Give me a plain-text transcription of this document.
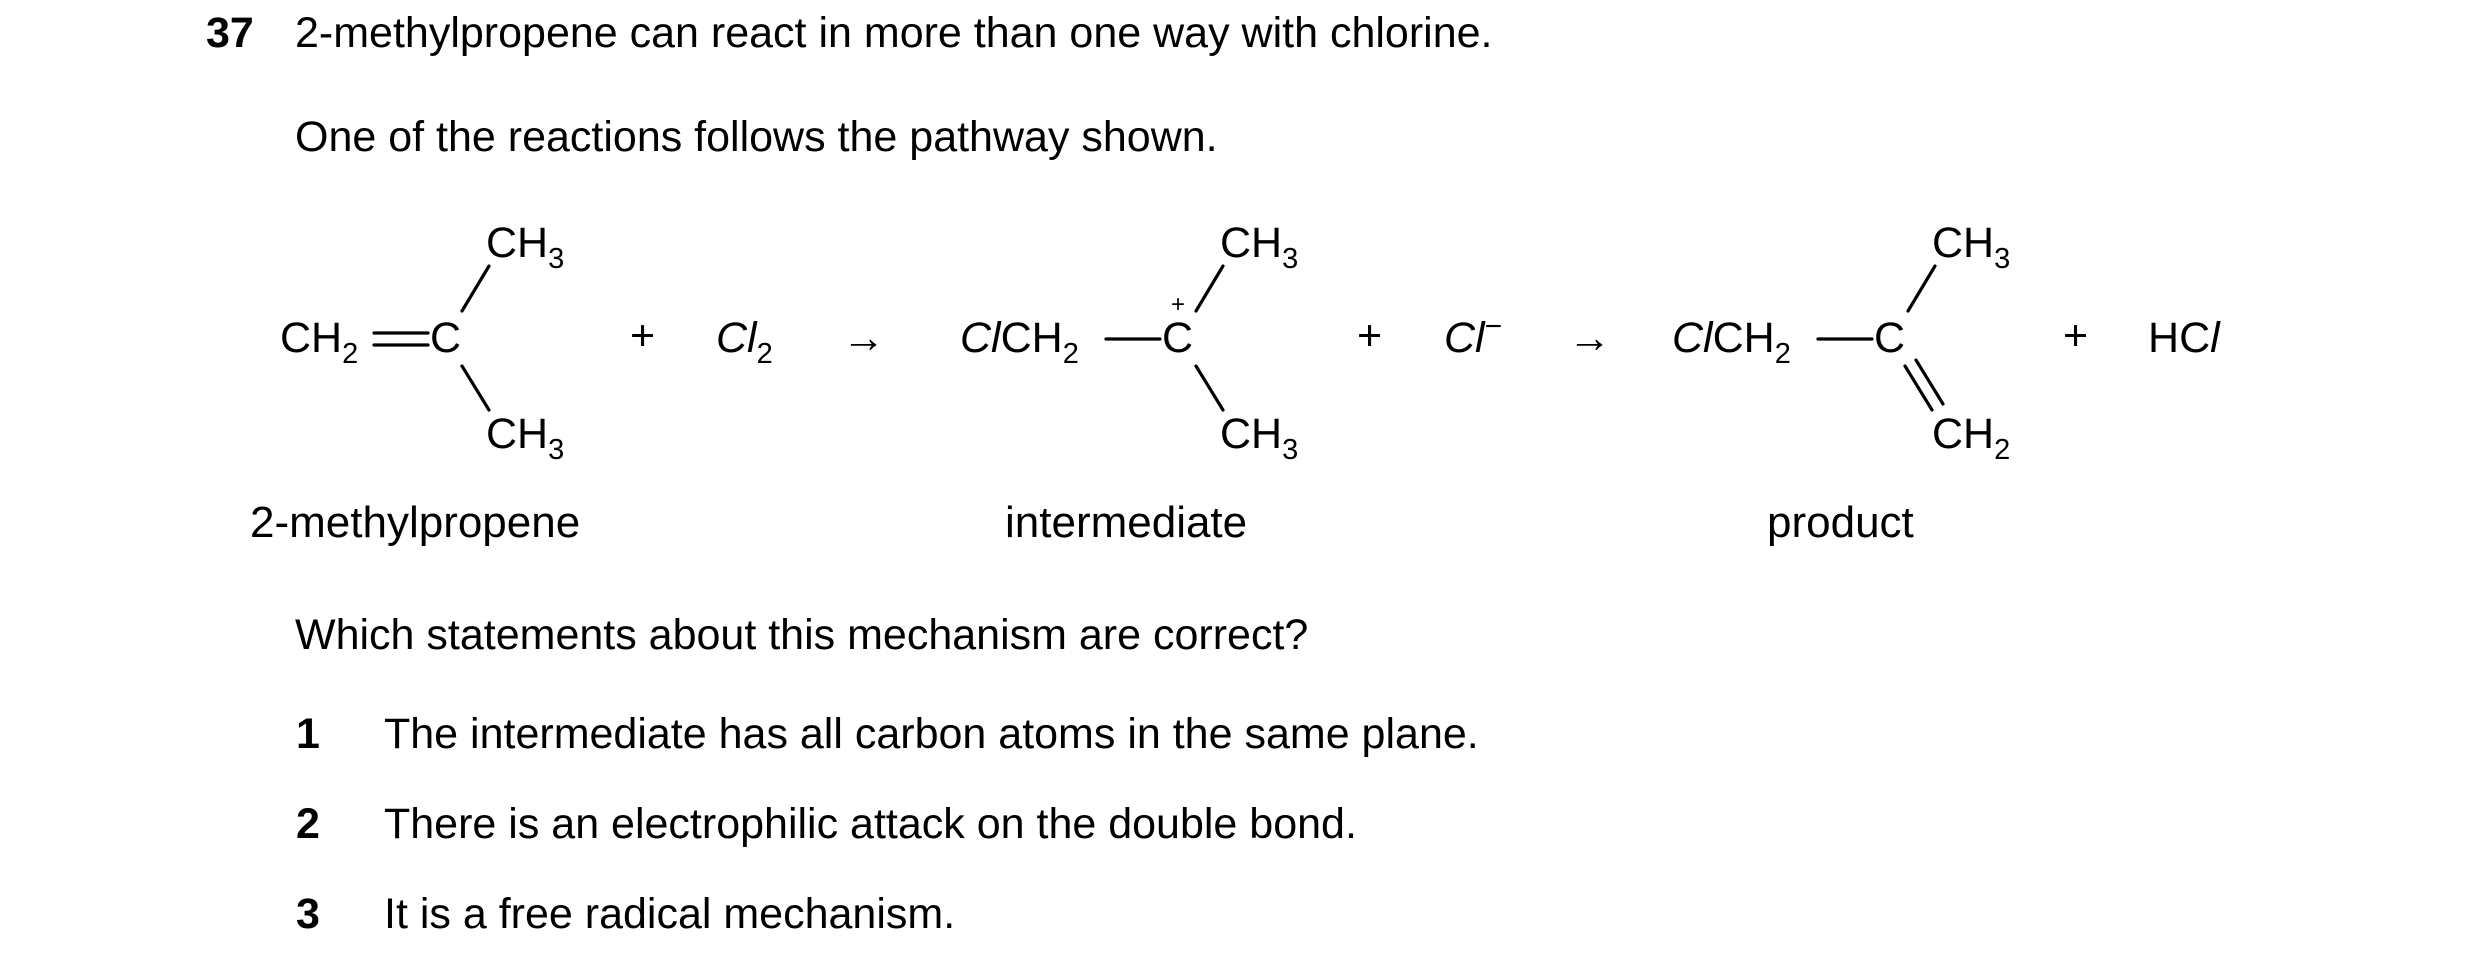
37 2-methylpropene can react in more than one way with chlorine.
One of the reactions follows the pathway shown.
$CH_2$ C
$CH_3$
$CH_3$
+ $Cl_2$ → ClCH$_2$ C
+
$CH_3$
$CH_3$
+ Cl− → ClCH$_2$ C
$CH_3$
$CH_2$
+ HCl
2-methylpropene	intermediate	product
Which statements about this mechanism are correct?
1 The intermediate has all carbon atoms in the same plane.
2 There is an electrophilic attack on the double bond.
3 It is a free radical mechanism.
